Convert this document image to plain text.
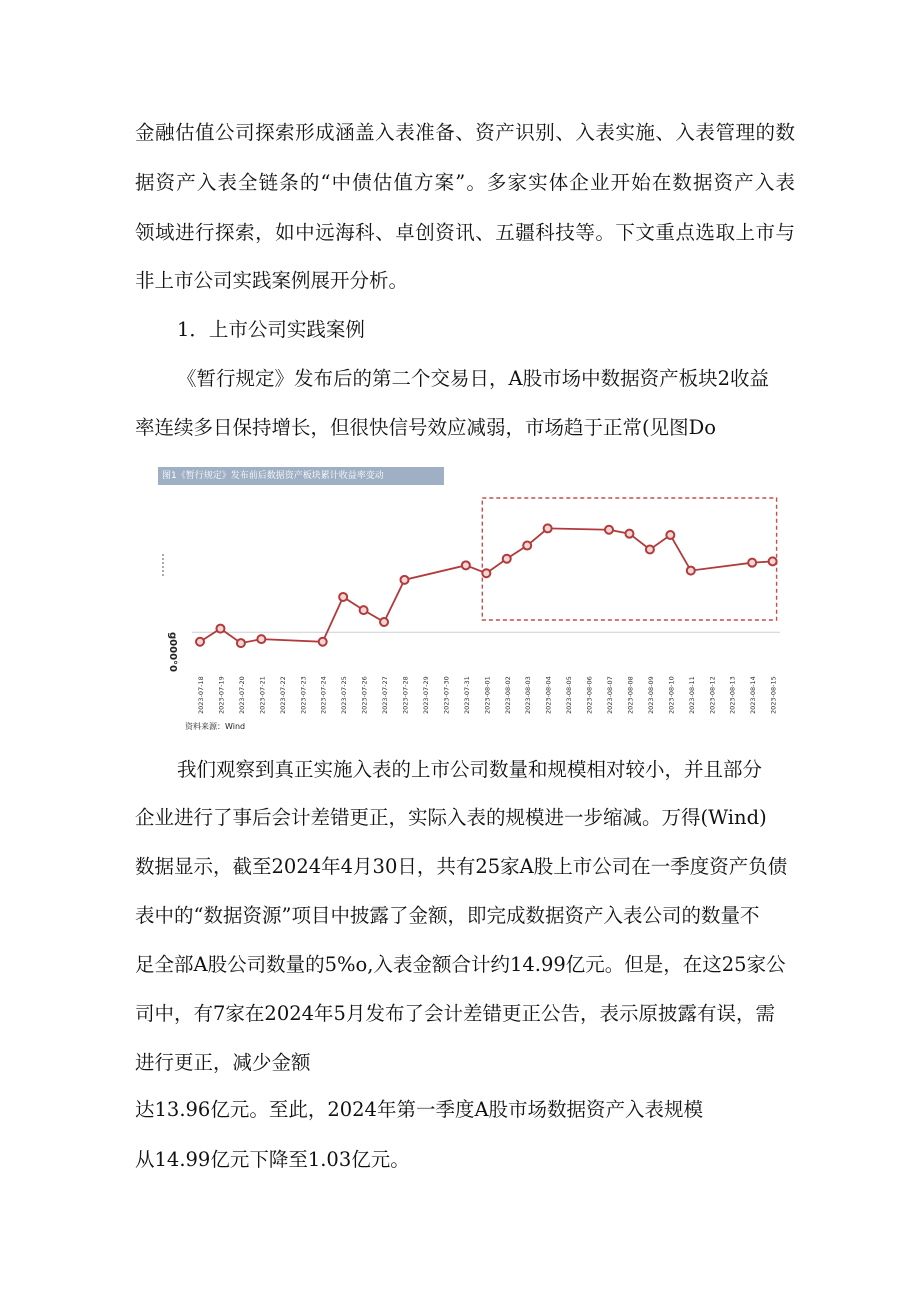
金融估值公司探索形成涵盖入表准备、资产识别、入表实施、入表管理的数
据资产入表全链条的“中债估值方案”。多家实体企业开始在数据资产入表
领域进行探索，如中远海科、卓创资讯、五疆科技等。下文重点选取上市与
非上市公司实践案例展开分析。
1．上市公司实践案例
《暂行规定》发布后的第二个交易日，A股市场中数据资产板块2收益
率连续多日保持增长，但很快信号效应减弱，市场趋于正常(见图Do
图1《暂行规定》发布前后数据资产板块累计收益率变动
2023-07-18 2023-07-19 2023-07-20 2023-07-21 2023-07-22 2023-07-23 2023-07-24 2023-07-25 2023-07-26 2023-07-27 2023-07-28 2023-07-29 2023-07-30 2023-07-31 2023-08-01 2023-08-02 2023-08-03 2023-08-04 2023-08-05 2023-08-06 2023-08-07 2023-08-08 2023-08-09 2023-08-10 2023-08-11 2023-08-12 2023-08-13 2023-08-14 2023-08-15
g000°0
资料来源：Wind
我们观察到真正实施入表的上市公司数量和规模相对较小，并且部分
企业进行了事后会计差错更正，实际入表的规模进一步缩减。万得(Wind)
数据显示，截至2024年4月30日，共有25家A股上市公司在一季度资产负债
表中的“数据资源”项目中披露了金额，即完成数据资产入表公司的数量不
足全部A股公司数量的5%o,入表金额合计约14.99亿元。但是，在这25家公
司中，有7家在2024年5月发布了会计差错更正公告，表示原披露有误，需
进行更正，减少金额
达13.96亿元。至此，2024年第一季度A股市场数据资产入表规模
从14.99亿元下降至1.03亿元。
